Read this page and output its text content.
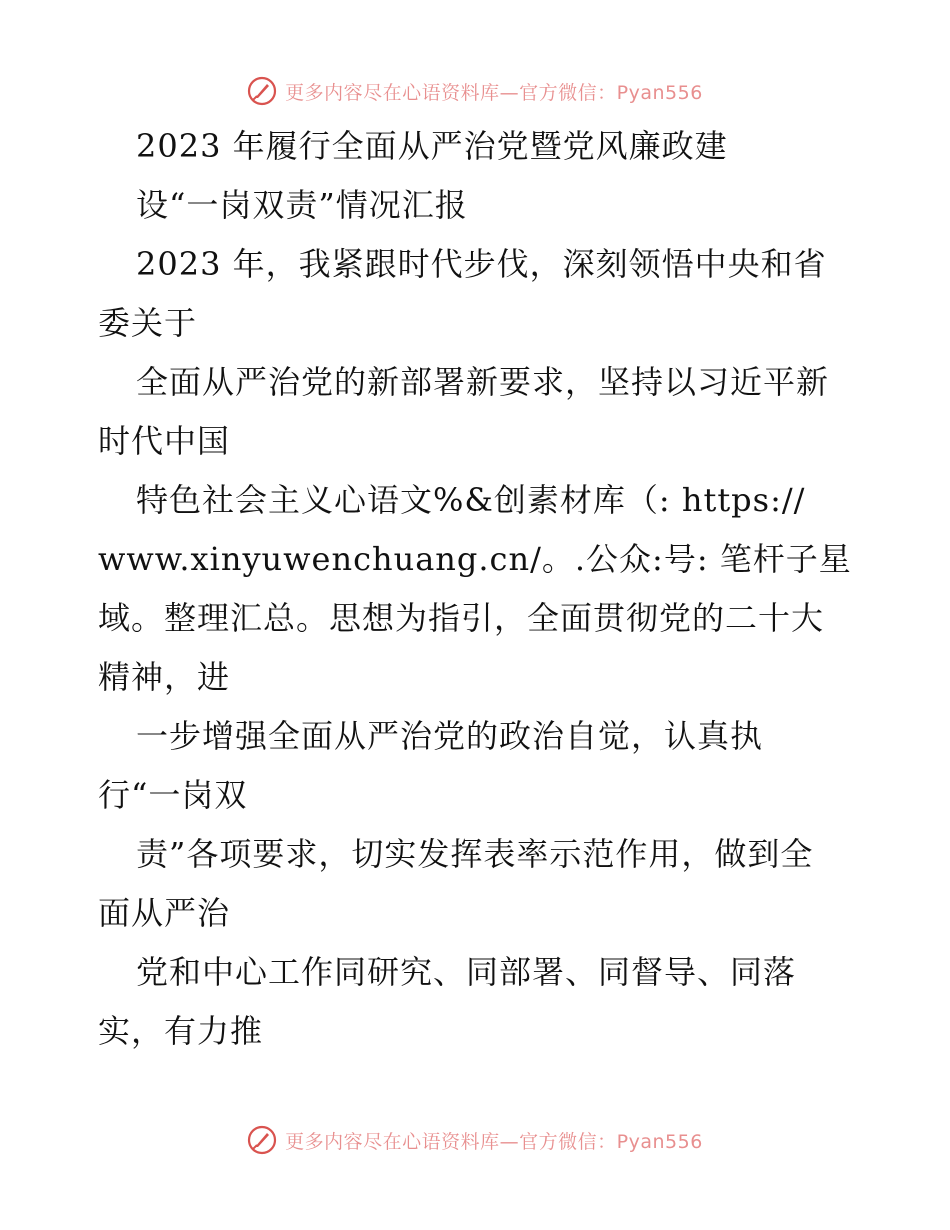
更多内容尽在心语资料库—官方微信：Pyan556
2023 年履行全面从严治党暨党风廉政建
设“一岗双责”情况汇报
2023 年，我紧跟时代步伐，深刻领悟中央和省
委关于
全面从严治党的新部署新要求，坚持以习近平新
时代中国
特色社会主义心语文%&创素材库（: https://
www.xinyuwenchuang.cn/。.公众:号: 笔杆子星
域。整理汇总。思想为指引，全面贯彻党的二十大
精神，进
一步增强全面从严治党的政治自觉，认真执
行“一岗双
责”各项要求，切实发挥表率示范作用，做到全
面从严治
党和中心工作同研究、同部署、同督导、同落
实，有力推
更多内容尽在心语资料库—官方微信：Pyan556
